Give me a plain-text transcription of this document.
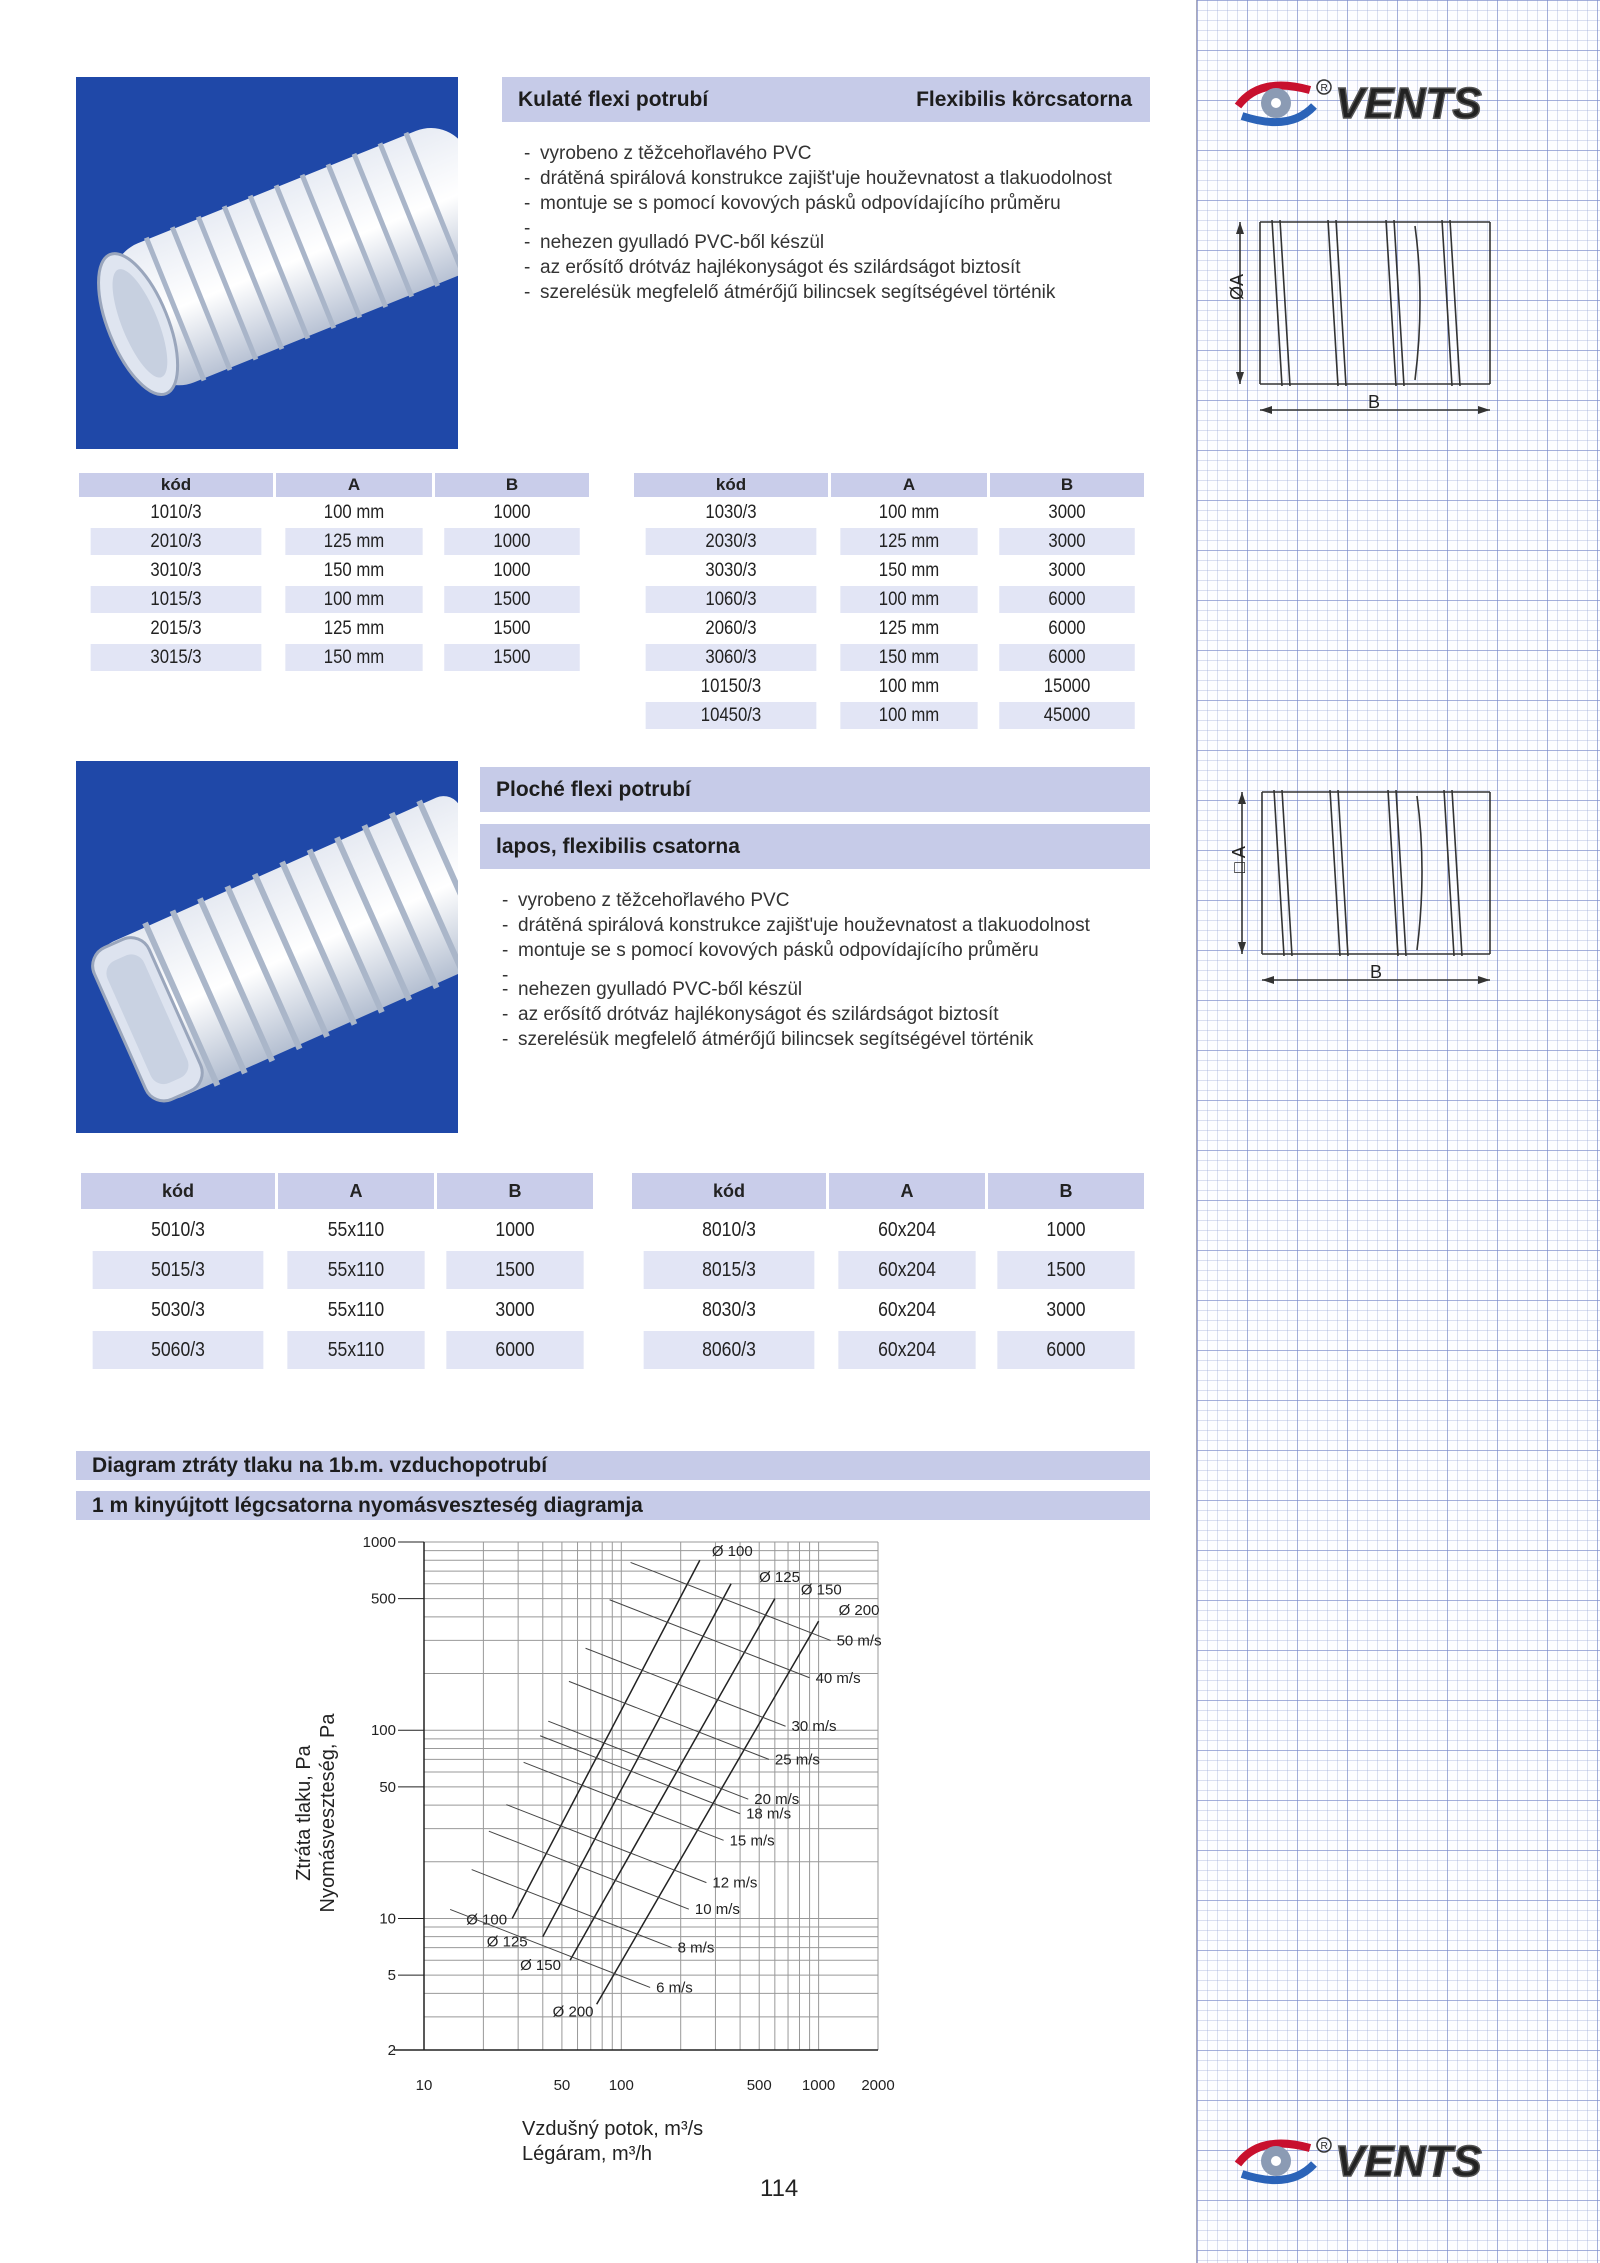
R VENTS
R VENTS
Kulaté flexi potrubí	Flexibilis körcsatorna
- vyrobeno z těžcehořlavého PVC
- drátěná spirálová konstrukce zajišt'uje houževnatost a tlakuodolnost
- montuje se s pomocí kovových pásků odpovídajícího průměru
-
- nehezen gyulladó PVC-ből készül
- az erősítő drótváz hajlékonyságot és szilárdságot biztosít
- szerelésük megfelelő átmérőjű bilincsek segítségével történik	ØA
B
kód	A	B
1010/3	100 mm	1000
2010/3	125 mm	1000
3010/3	150 mm	1000
1015/3	100 mm	1500
2015/3	125 mm	1500
3015/3	150 mm	1500
kód	A	B
1030/3	100 mm	3000
2030/3	125 mm	3000
3030/3	150 mm	3000
1060/3	100 mm	6000
2060/3	125 mm	6000
3060/3	150 mm	6000
10150/3	100 mm	15000
10450/3	100 mm	45000
Ploché flexi potrubí
lapos, flexibilis csatorna
- vyrobeno z těžcehořlavého PVC
- drátěná spirálová konstrukce zajišt'uje houževnatost a tlakuodolnost
- montuje se s pomocí kovových pásků odpovídajícího průměru
-
- nehezen gyulladó PVC-ből készül
- az erősítő drótváz hajlékonyságot és szilárdságot biztosít
- szerelésük megfelelő átmérőjű bilincsek segítségével történik
□ A
B
kód	A	B
5010/3	55x110	1000
5015/3	55x110	1500
5030/3	55x110	3000
5060/3	55x110	6000
kód	A	B
8010/3	60x204	1000
8015/3	60x204	1500
8030/3	60x204	3000
8060/3	60x204	6000
Diagram ztráty tlaku na 1b.m. vzduchopotrubí
1 m kinyújtott légcsatorna nyomásveszteség diagramja
Ø 100
Ø 100
Ø 125
Ø 125
Ø 150
Ø 150
Ø 200
Ø 200
1000
500
100
50
10
5
2
10	50	100	500 1000 2000
50 m/s
40 m/s
30 m/s
25 m/s
20 m/s
18 m/s
15 m/s
12 m/s
10 m/s
8 m/s
6 m/s
Ztráta tlaku, Pa Nyomásveszteség, Pa
Vzdušný potok, m³/s
Légáram, m³/h
114
